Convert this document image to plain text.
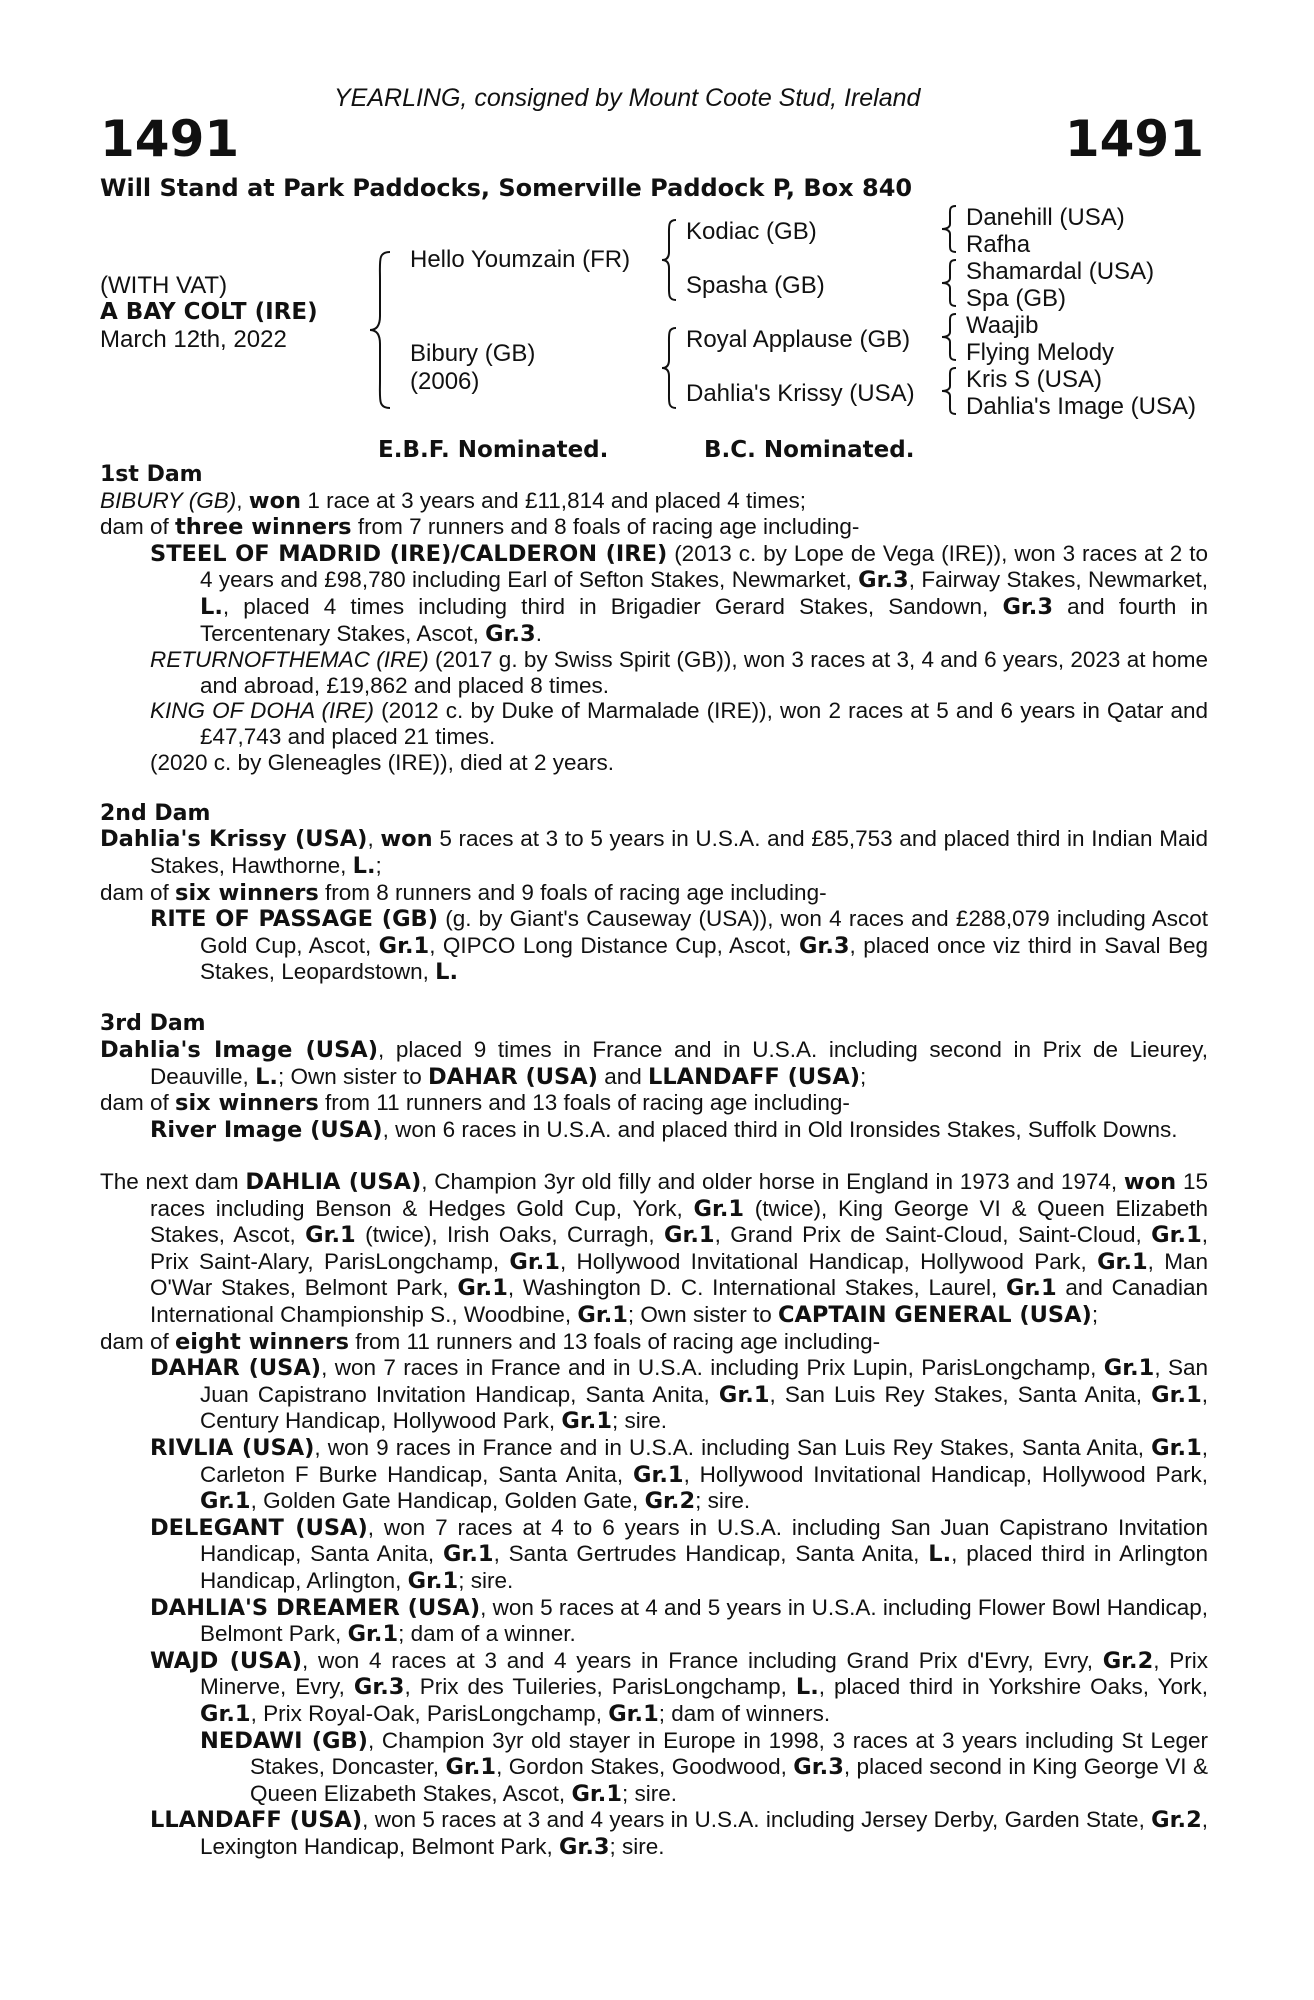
YEARLING, consigned by Mount Coote Stud, Ireland
1491	1491
Will Stand at Park Paddocks, Somerville Paddock P, Box 840
(WITH VAT)
A BAY COLT (IRE)
March 12th, 2022
Hello Youmzain (FR)
Bibury (GB)
(2006)
Kodiac (GB)
Spasha (GB)
Royal Applause (GB)
Dahlia's Krissy (USA)
Danehill (USA)
Rafha
Shamardal (USA)
Spa (GB)
Waajib
Flying Melody
Kris S (USA)
Dahlia's Image (USA)
E.B.F. Nominated.	B.C. Nominated.
1st Dam
BIBURY (GB), won 1 race at 3 years and £11,814 and placed 4 times;
dam of three winners from 7 runners and 8 foals of racing age including-
STEEL OF MADRID (IRE)/CALDERON (IRE) (2013 c. by Lope de Vega (IRE)), won 3 races at 2 to 4 years and £98,780 including Earl of Sefton Stakes, Newmarket, Gr.3, Fairway Stakes, Newmarket, L., placed 4 times including third in Brigadier Gerard Stakes, Sandown, Gr.3 and fourth in Tercentenary Stakes, Ascot, Gr.3.
RETURNOFTHEMAC (IRE) (2017 g. by Swiss Spirit (GB)), won 3 races at 3, 4 and 6 years, 2023 at home and abroad, £19,862 and placed 8 times.
KING OF DOHA (IRE) (2012 c. by Duke of Marmalade (IRE)), won 2 races at 5 and 6 years in Qatar and £47,743 and placed 21 times.
(2020 c. by Gleneagles (IRE)), died at 2 years.
2nd Dam
Dahlia's Krissy (USA), won 5 races at 3 to 5 years in U.S.A. and £85,753 and placed third in Indian Maid Stakes, Hawthorne, L.;
dam of six winners from 8 runners and 9 foals of racing age including-
RITE OF PASSAGE (GB) (g. by Giant's Causeway (USA)), won 4 races and £288,079 including Ascot Gold Cup, Ascot, Gr.1, QIPCO Long Distance Cup, Ascot, Gr.3, placed once viz third in Saval Beg Stakes, Leopardstown, L.
3rd Dam
Dahlia's Image (USA), placed 9 times in France and in U.S.A. including second in Prix de Lieurey, Deauville, L.; Own sister to DAHAR (USA) and LLANDAFF (USA);
dam of six winners from 11 runners and 13 foals of racing age including-
River Image (USA), won 6 races in U.S.A. and placed third in Old Ironsides Stakes, Suffolk Downs.
The next dam DAHLIA (USA), Champion 3yr old filly and older horse in England in 1973 and 1974, won 15 races including Benson & Hedges Gold Cup, York, Gr.1 (twice), King George VI & Queen Elizabeth Stakes, Ascot, Gr.1 (twice), Irish Oaks, Curragh, Gr.1, Grand Prix de Saint-Cloud, Saint-Cloud, Gr.1, Prix Saint-Alary, ParisLongchamp, Gr.1, Hollywood Invitational Handicap, Hollywood Park, Gr.1, Man O'War Stakes, Belmont Park, Gr.1, Washington D. C. International Stakes, Laurel, Gr.1 and Canadian International Championship S., Woodbine, Gr.1; Own sister to CAPTAIN GENERAL (USA);
dam of eight winners from 11 runners and 13 foals of racing age including-
DAHAR (USA), won 7 races in France and in U.S.A. including Prix Lupin, ParisLongchamp, Gr.1, San Juan Capistrano Invitation Handicap, Santa Anita, Gr.1, San Luis Rey Stakes, Santa Anita, Gr.1, Century Handicap, Hollywood Park, Gr.1; sire.
RIVLIA (USA), won 9 races in France and in U.S.A. including San Luis Rey Stakes, Santa Anita, Gr.1, Carleton F Burke Handicap, Santa Anita, Gr.1, Hollywood Invitational Handicap, Hollywood Park, Gr.1, Golden Gate Handicap, Golden Gate, Gr.2; sire.
DELEGANT (USA), won 7 races at 4 to 6 years in U.S.A. including San Juan Capistrano Invitation Handicap, Santa Anita, Gr.1, Santa Gertrudes Handicap, Santa Anita, L., placed third in Arlington Handicap, Arlington, Gr.1; sire.
DAHLIA'S DREAMER (USA), won 5 races at 4 and 5 years in U.S.A. including Flower Bowl Handicap, Belmont Park, Gr.1; dam of a winner.
WAJD (USA), won 4 races at 3 and 4 years in France including Grand Prix d'Evry, Evry, Gr.2, Prix Minerve, Evry, Gr.3, Prix des Tuileries, ParisLongchamp, L., placed third in Yorkshire Oaks, York, Gr.1, Prix Royal-Oak, ParisLongchamp, Gr.1; dam of winners.
NEDAWI (GB), Champion 3yr old stayer in Europe in 1998, 3 races at 3 years including St Leger Stakes, Doncaster, Gr.1, Gordon Stakes, Goodwood, Gr.3, placed second in King George VI & Queen Elizabeth Stakes, Ascot, Gr.1; sire.
LLANDAFF (USA), won 5 races at 3 and 4 years in U.S.A. including Jersey Derby, Garden State, Gr.2, Lexington Handicap, Belmont Park, Gr.3; sire.
